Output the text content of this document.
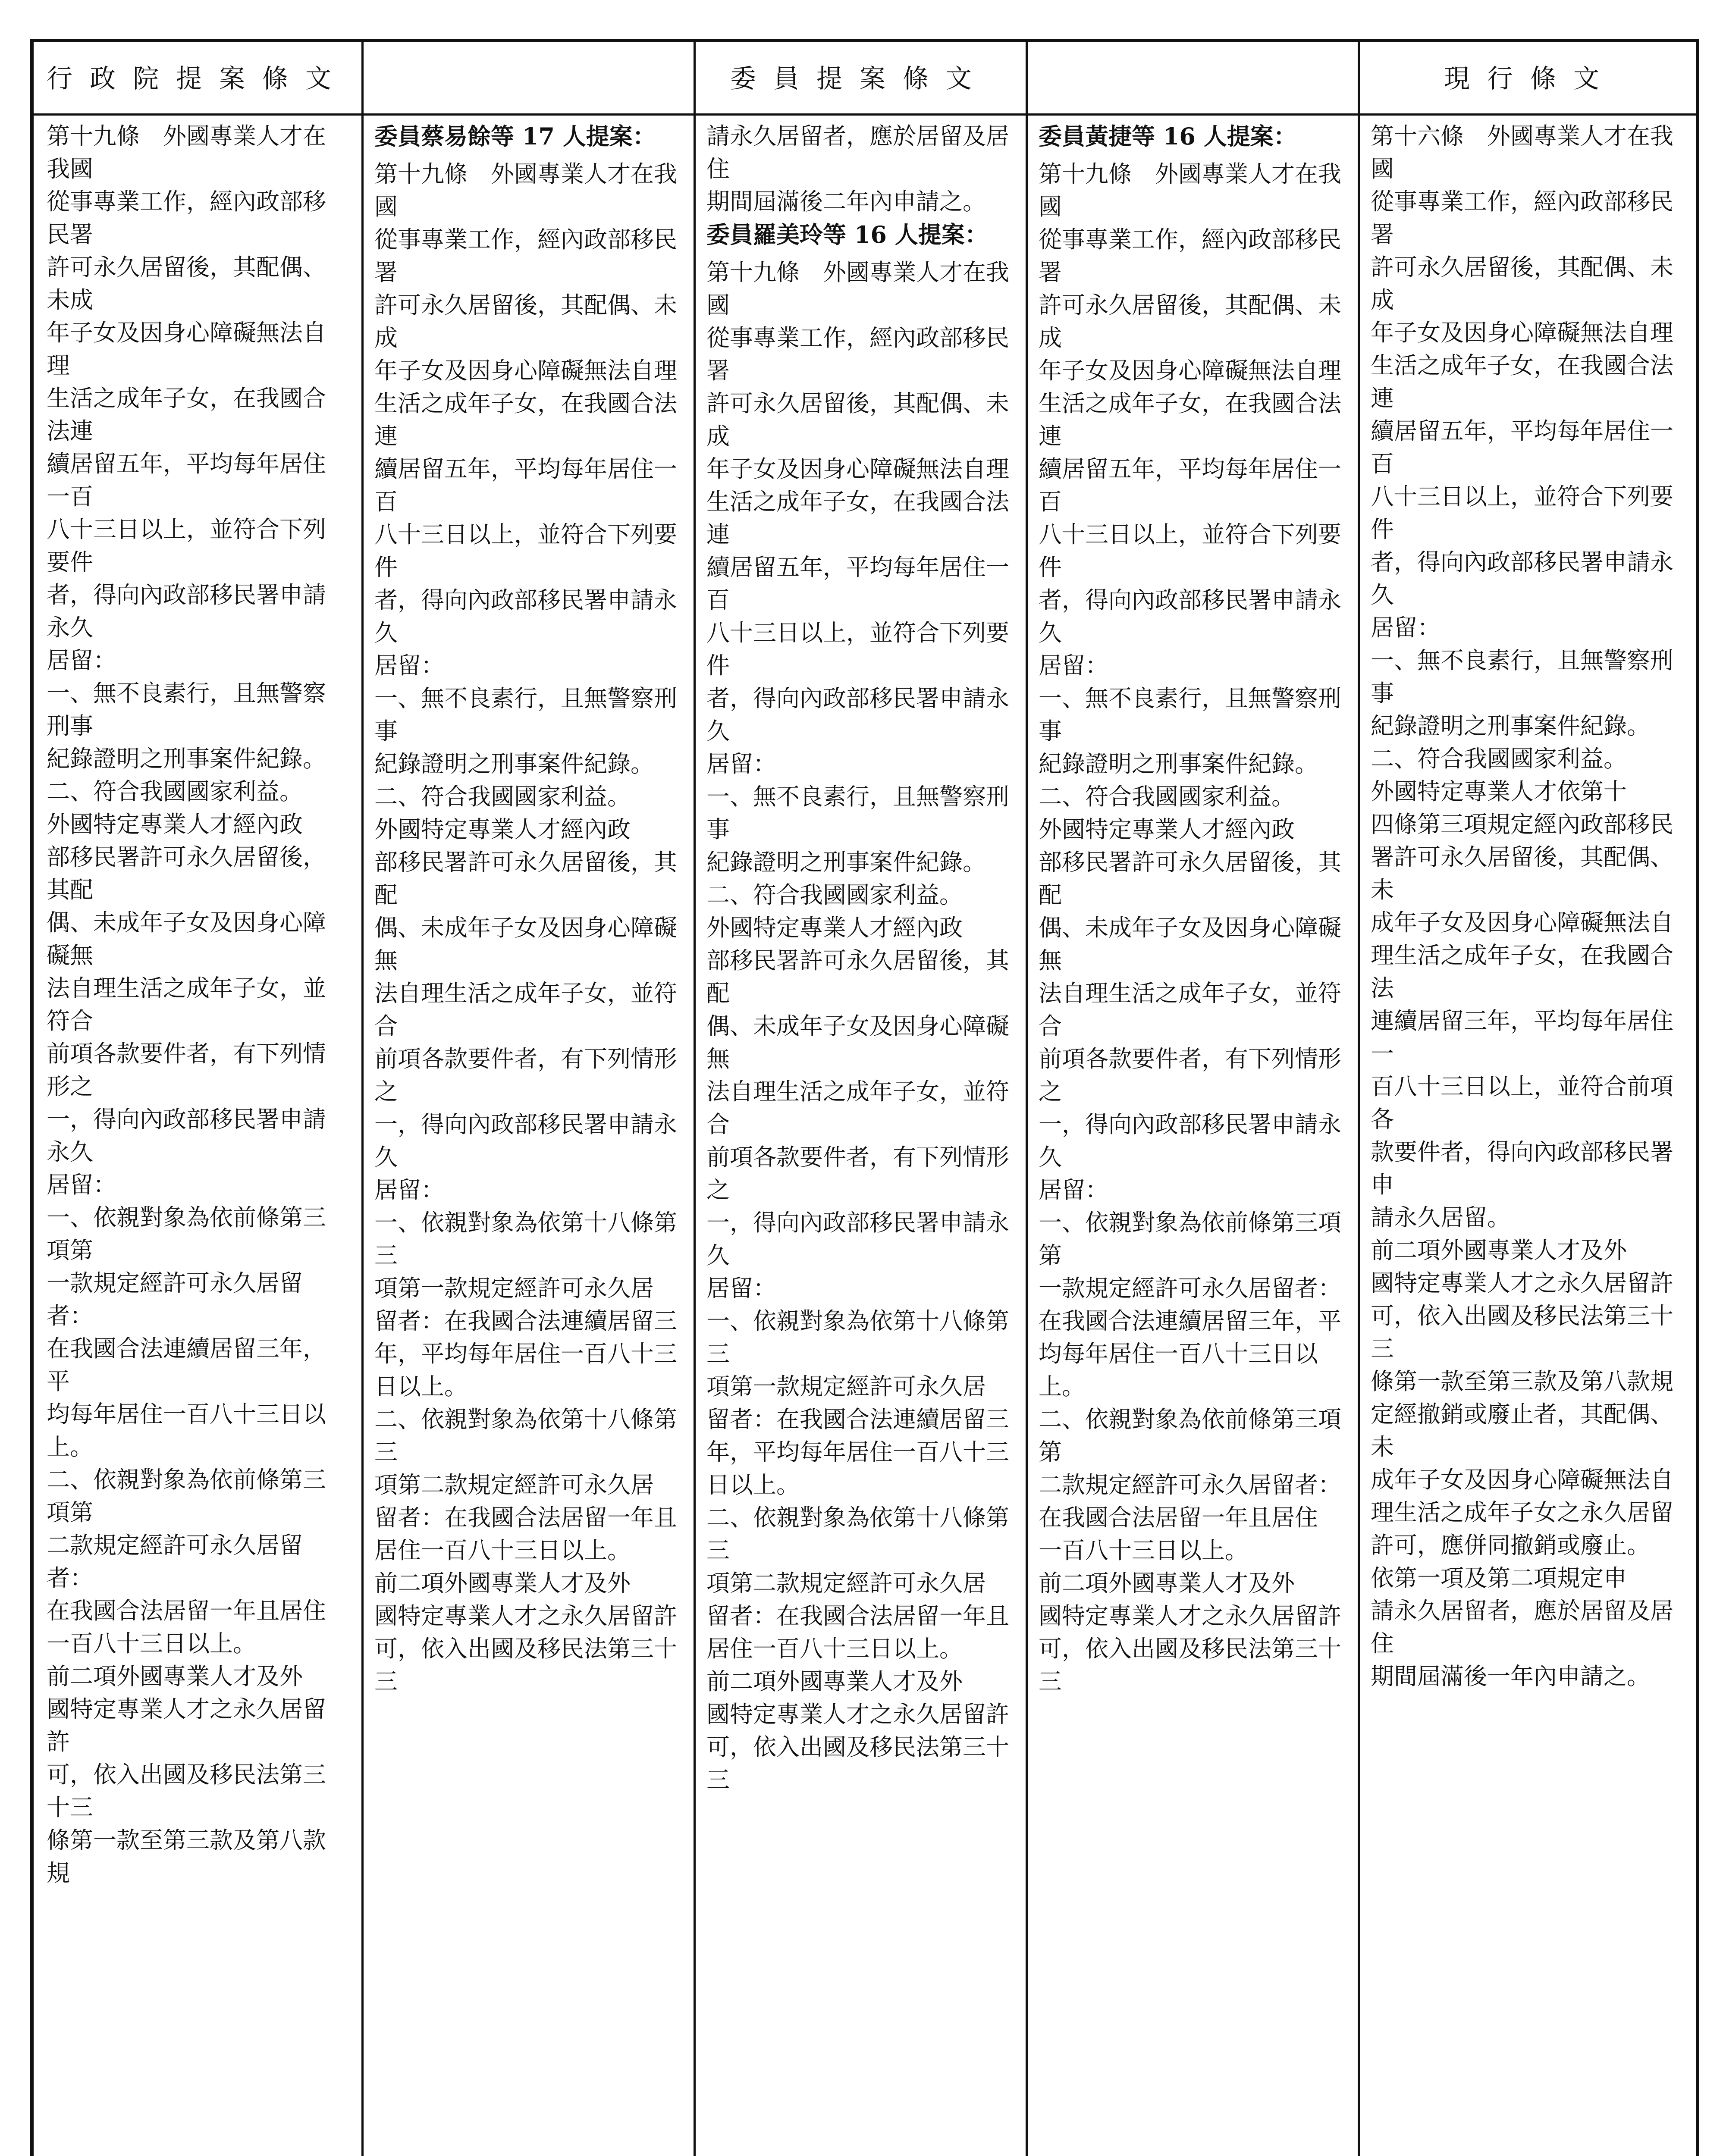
行政院提案條文	委員提案條文	現行條文
第十九條　外國專業人才在我國
從事專業工作，經內政部移民署
許可永久居留後，其配偶、未成
年子女及因身心障礙無法自理
生活之成年子女，在我國合法連
續居留五年，平均每年居住一百
八十三日以上，並符合下列要件
者，得向內政部移民署申請永久
居留：
一、無不良素行，且無警察刑事
紀錄證明之刑事案件紀錄。
二、符合我國國家利益。
外國特定專業人才經內政
部移民署許可永久居留後，其配
偶、未成年子女及因身心障礙無
法自理生活之成年子女，並符合
前項各款要件者，有下列情形之
一，得向內政部移民署申請永久
居留：
一、依親對象為依前條第三項第
一款規定經許可永久居留者：
在我國合法連續居留三年，平
均每年居住一百八十三日以
上。
二、依親對象為依前條第三項第
二款規定經許可永久居留者：
在我國合法居留一年且居住
一百八十三日以上。
前二項外國專業人才及外
國特定專業人才之永久居留許
可，依入出國及移民法第三十三
條第一款至第三款及第八款規
委員蔡易餘等 17 人提案：
第十九條　外國專業人才在我國
從事專業工作，經內政部移民署
許可永久居留後，其配偶、未成
年子女及因身心障礙無法自理
生活之成年子女，在我國合法連
續居留五年，平均每年居住一百
八十三日以上，並符合下列要件
者，得向內政部移民署申請永久
居留：
一、無不良素行，且無警察刑事
紀錄證明之刑事案件紀錄。
二、符合我國國家利益。
外國特定專業人才經內政
部移民署許可永久居留後，其配
偶、未成年子女及因身心障礙無
法自理生活之成年子女，並符合
前項各款要件者，有下列情形之
一，得向內政部移民署申請永久
居留：
一、依親對象為依第十八條第三
項第一款規定經許可永久居
留者：在我國合法連續居留三
年，平均每年居住一百八十三
日以上。
二、依親對象為依第十八條第三
項第二款規定經許可永久居
留者：在我國合法居留一年且
居住一百八十三日以上。
前二項外國專業人才及外
國特定專業人才之永久居留許
可，依入出國及移民法第三十三
請永久居留者，應於居留及居住
期間屆滿後二年內申請之。
委員羅美玲等 16 人提案：
第十九條　外國專業人才在我國
從事專業工作，經內政部移民署
許可永久居留後，其配偶、未成
年子女及因身心障礙無法自理
生活之成年子女，在我國合法連
續居留五年，平均每年居住一百
八十三日以上，並符合下列要件
者，得向內政部移民署申請永久
居留：
一、無不良素行，且無警察刑事
紀錄證明之刑事案件紀錄。
二、符合我國國家利益。
外國特定專業人才經內政
部移民署許可永久居留後，其配
偶、未成年子女及因身心障礙無
法自理生活之成年子女，並符合
前項各款要件者，有下列情形之
一，得向內政部移民署申請永久
居留：
一、依親對象為依第十八條第三
項第一款規定經許可永久居
留者：在我國合法連續居留三
年，平均每年居住一百八十三
日以上。
二、依親對象為依第十八條第三
項第二款規定經許可永久居
留者：在我國合法居留一年且
居住一百八十三日以上。
前二項外國專業人才及外
國特定專業人才之永久居留許
可，依入出國及移民法第三十三
委員黃捷等 16 人提案：
第十九條　外國專業人才在我國
從事專業工作，經內政部移民署
許可永久居留後，其配偶、未成
年子女及因身心障礙無法自理
生活之成年子女，在我國合法連
續居留五年，平均每年居住一百
八十三日以上，並符合下列要件
者，得向內政部移民署申請永久
居留：
一、無不良素行，且無警察刑事
紀錄證明之刑事案件紀錄。
二、符合我國國家利益。
外國特定專業人才經內政
部移民署許可永久居留後，其配
偶、未成年子女及因身心障礙無
法自理生活之成年子女，並符合
前項各款要件者，有下列情形之
一，得向內政部移民署申請永久
居留：
一、依親對象為依前條第三項第
一款規定經許可永久居留者：
在我國合法連續居留三年，平
均每年居住一百八十三日以
上。
二、依親對象為依前條第三項第
二款規定經許可永久居留者：
在我國合法居留一年且居住
一百八十三日以上。
前二項外國專業人才及外
國特定專業人才之永久居留許
可，依入出國及移民法第三十三
第十六條　外國專業人才在我國
從事專業工作，經內政部移民署
許可永久居留後，其配偶、未成
年子女及因身心障礙無法自理
生活之成年子女，在我國合法連
續居留五年，平均每年居住一百
八十三日以上，並符合下列要件
者，得向內政部移民署申請永久
居留：
一、無不良素行，且無警察刑事
紀錄證明之刑事案件紀錄。
二、符合我國國家利益。
外國特定專業人才依第十
四條第三項規定經內政部移民
署許可永久居留後，其配偶、未
成年子女及因身心障礙無法自
理生活之成年子女，在我國合法
連續居留三年，平均每年居住一
百八十三日以上，並符合前項各
款要件者，得向內政部移民署申
請永久居留。
前二項外國專業人才及外
國特定專業人才之永久居留許
可，依入出國及移民法第三十三
條第一款至第三款及第八款規
定經撤銷或廢止者，其配偶、未
成年子女及因身心障礙無法自
理生活之成年子女之永久居留
許可，應併同撤銷或廢止。
依第一項及第二項規定申
請永久居留者，應於居留及居住
期間屆滿後一年內申請之。
